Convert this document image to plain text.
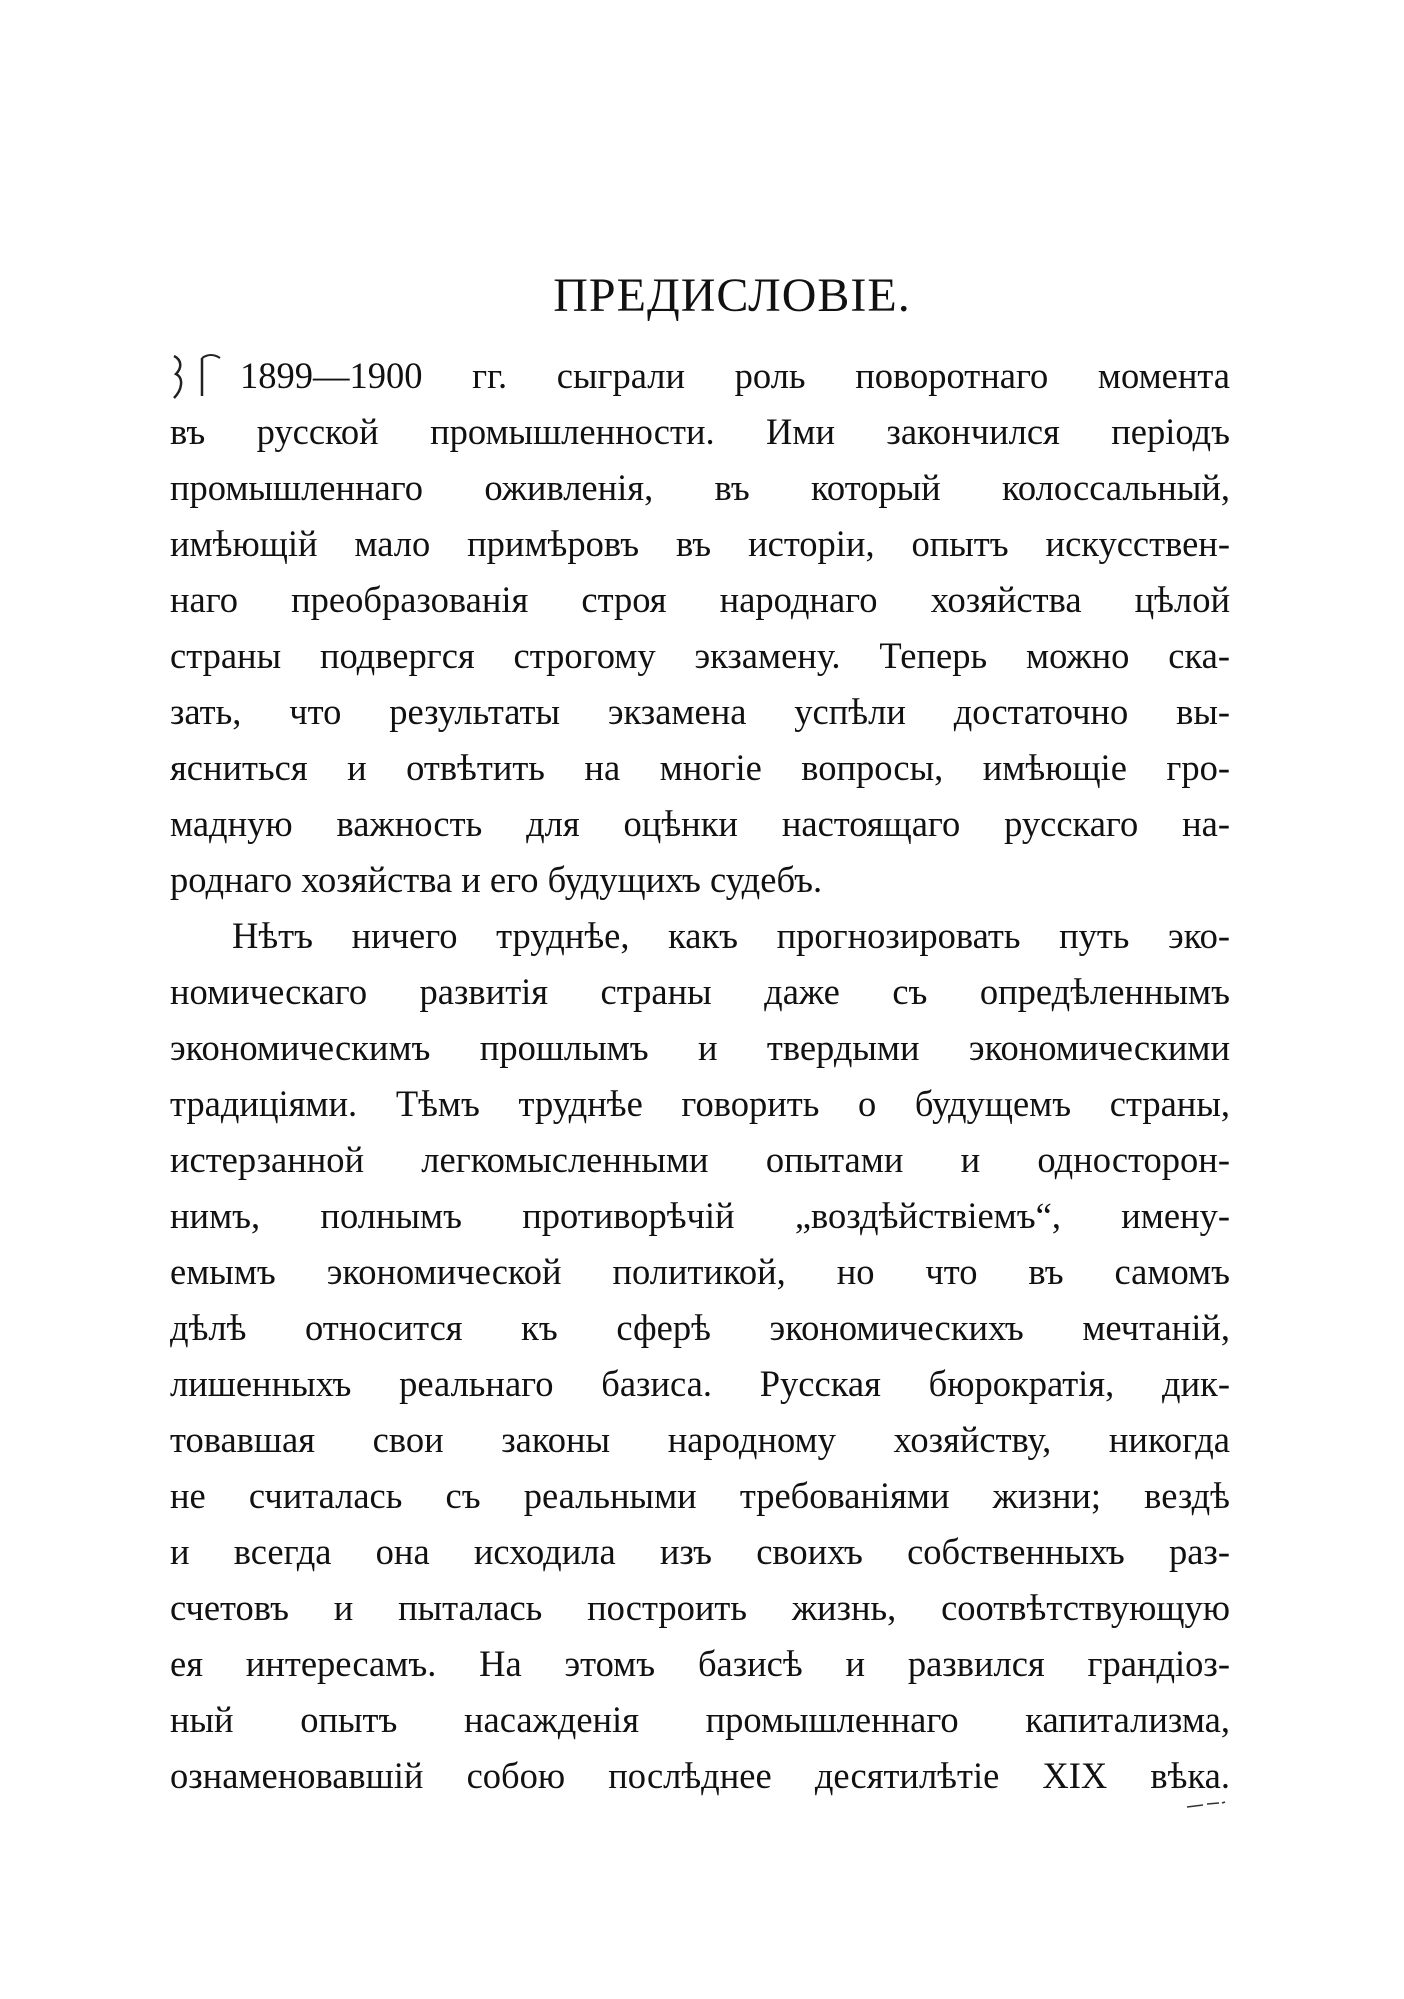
ПРЕДИСЛОВІЕ.
1899—1900 гг. сыграли роль поворотнаго момента
въ русской промышленности. Ими закончился періодъ
промышленнаго оживленія, въ который колоссальный,
имѣющій мало примѣровъ въ исторіи, опытъ искусствен-
наго преобразованія строя народнаго хозяйства цѣлой
страны подвергся строгому экзамену. Теперь можно ска-
зать, что результаты экзамена успѣли достаточно вы-
ясниться и отвѣтить на многіе вопросы, имѣющіе гро-
мадную важность для оцѣнки настоящаго русскаго на-
роднаго хозяйства и его будущихъ судебъ.
Нѣтъ ничего труднѣе, какъ прогнозировать путь эко-
номическаго развитія страны даже съ опредѣленнымъ
экономическимъ прошлымъ и твердыми экономическими
традиціями. Тѣмъ труднѣе говорить о будущемъ страны,
истерзанной легкомысленными опытами и односторон-
нимъ, полнымъ противорѣчій „воздѣйствіемъ“, имену-
емымъ экономической политикой, но что въ самомъ
дѣлѣ относится къ сферѣ экономическихъ мечтаній,
лишенныхъ реальнаго базиса. Русская бюрократія, дик-
товавшая свои законы народному хозяйству, никогда
не считалась съ реальными требованіями жизни; вездѣ
и всегда она исходила изъ своихъ собственныхъ раз-
счетовъ и пыталась построить жизнь, соотвѣтствующую
ея интересамъ. На этомъ базисѣ и развился грандіоз-
ный опытъ насажденія промышленнаго капитализма,
ознаменовавшій собою послѣднее десятилѣтіе XIX вѣка.
